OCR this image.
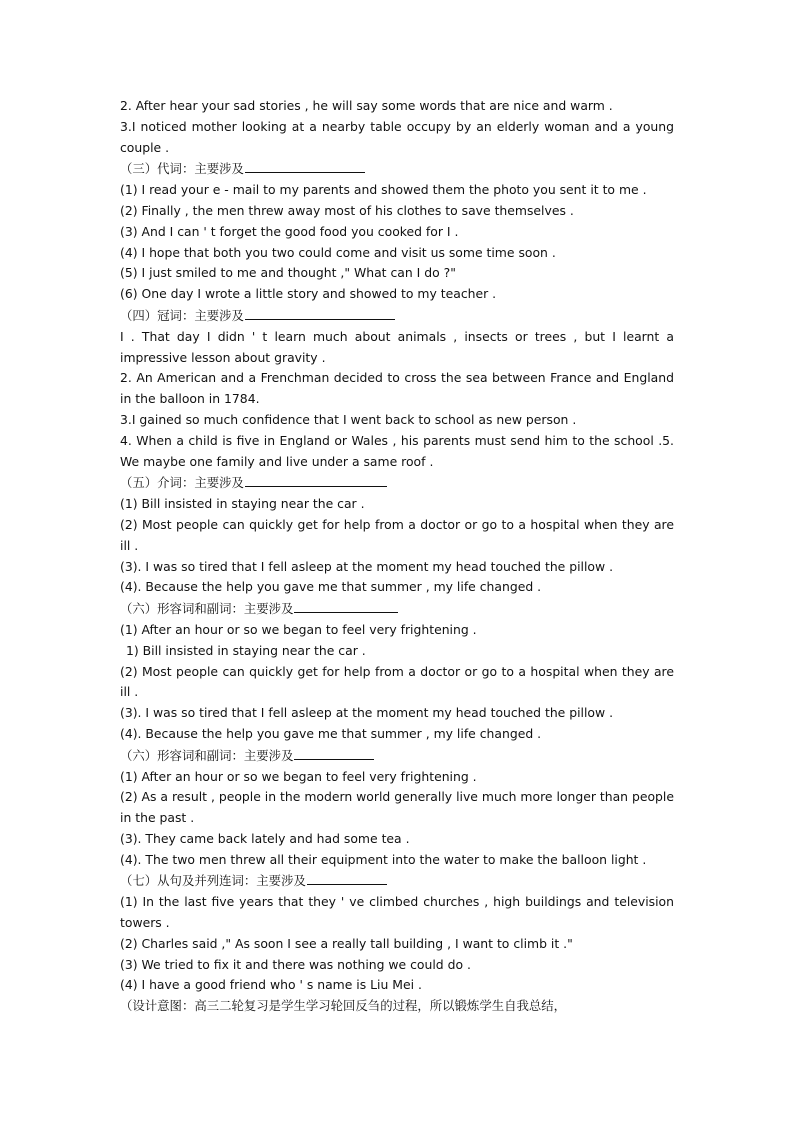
2. After hear your sad stories , he will say some words that are nice and warm .

3.I noticed mother looking at a nearby table occupy by an elderly woman and a young couple .

（三）代词：主要涉及

(1) I read your e - mail to my parents and showed them the photo you sent it to me .

(2) Finally , the men threw away most of his clothes to save themselves .

(3) And I can ' t forget the good food you cooked for I .

(4) I hope that both you two could come and visit us some time soon .

(5) I just smiled to me and thought ," What can I do ?"

(6) One day I wrote a little story and showed to my teacher .

（四）冠词：主要涉及

I . That day I didn ' t learn much about animals , insects or trees , but I learnt a impressive lesson about gravity .

2. An American and a Frenchman decided to cross the sea between France and England in the balloon in 1784.

3.I gained so much confidence that I went back to school as new person .

4. When a child is five in England or Wales , his parents must send him to the school .5. We maybe one family and live under a same roof .

（五）介词：主要涉及

(1) Bill insisted in staying near the car .

(2) Most people can quickly get for help from a doctor or go to a hospital when they are ill .

(3). I was so tired that I fell asleep at the moment my head touched the pillow .

(4). Because the help you gave me that summer , my life changed .

（六）形容词和副词：主要涉及

(1) After an hour or so we began to feel very frightening .

1) Bill insisted in staying near the car .

(2) Most people can quickly get for help from a doctor or go to a hospital when they are ill .

(3). I was so tired that I fell asleep at the moment my head touched the pillow .

(4). Because the help you gave me that summer , my life changed .

（六）形容词和副词：主要涉及

(1) After an hour or so we began to feel very frightening .

(2) As a result , people in the modern world generally live much more longer than people in the past .

(3). They came back lately and had some tea .

(4). The two men threw all their equipment into the water to make the balloon light .

（七）从句及并列连词：主要涉及

(1) In the last five years that they ' ve climbed churches , high buildings and television towers .

(2) Charles said ," As soon I see a really tall building , I want to climb it ."

(3) We tried to fix it and there was nothing we could do .

(4) I have a good friend who ' s name is Liu Mei .

（设计意图：高三二轮复习是学生学习轮回反刍的过程，所以锻炼学生自我总结，
